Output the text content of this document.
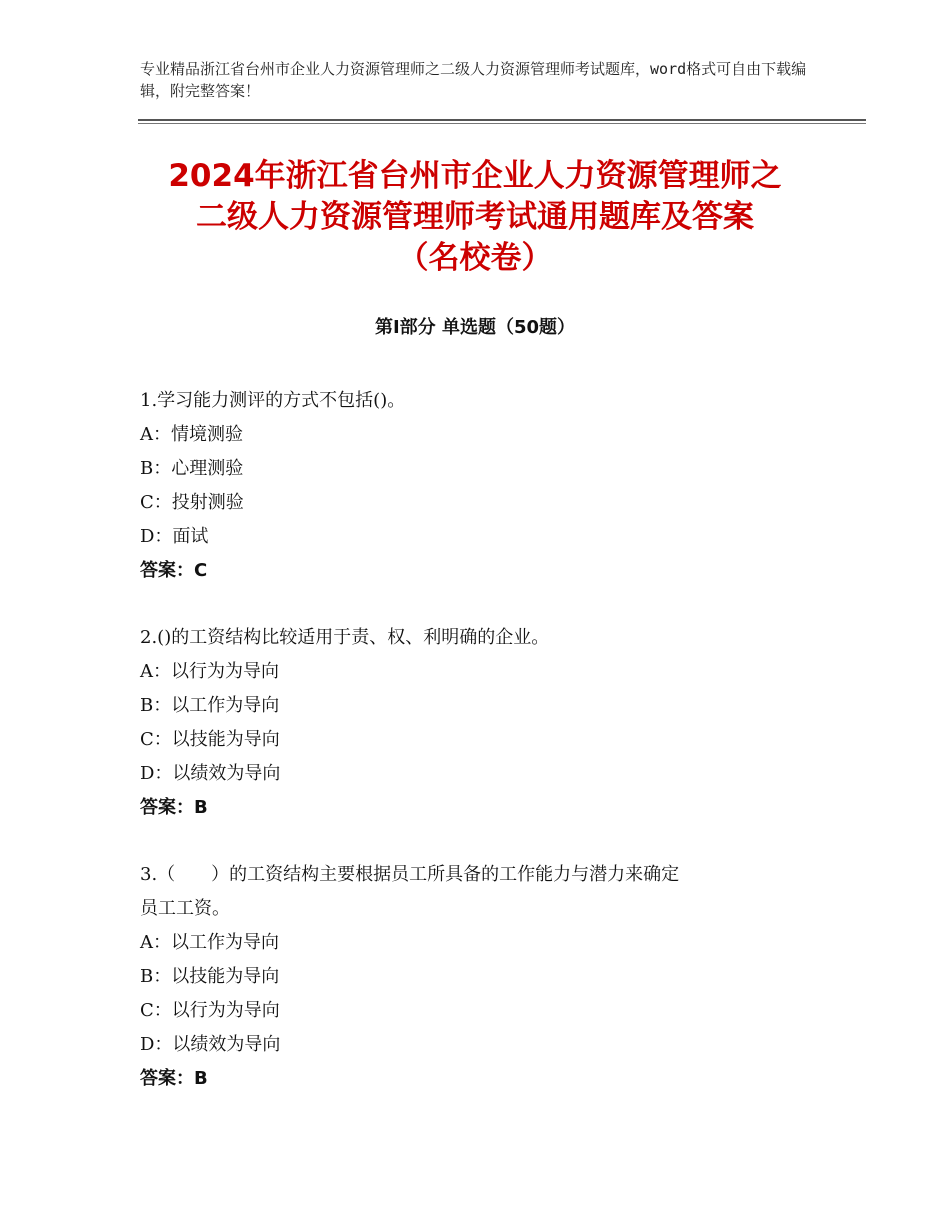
专业精品浙江省台州市企业人力资源管理师之二级人力资源管理师考试题库，word格式可自由下载编辑，附完整答案！

2024年浙江省台州市企业人力资源管理师之
二级人力资源管理师考试通用题库及答案
（名校卷）
第Ⅰ部分 单选题（50题）

1.学习能力测评的方式不包括()。

A：情境测验

B：心理测验

C：投射测验

D：面试

答案：C

2.()的工资结构比较适用于责、权、利明确的企业。

A：以行为为导向

B：以工作为导向

C：以技能为导向

D：以绩效为导向

答案：B

3.（　　）的工资结构主要根据员工所具备的工作能力与潜力来确定
员工工资。

A：以工作为导向

B：以技能为导向

C：以行为为导向

D：以绩效为导向

答案：B
